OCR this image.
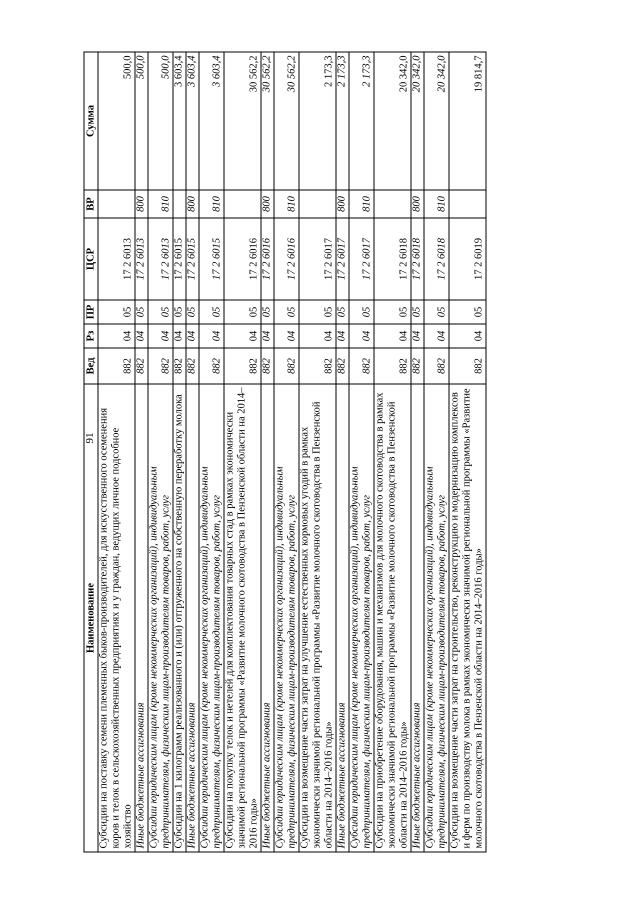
91
Наименование	Вед	Рз	ПР	ЦСР	ВР	Сумма
Субсидии на поставку семени племенных быков-производителей, для искусственного осеменения коров и телок в сельскохозяйственных предприятиях и у граждан, ведущих личное подсобное хозяйство	882	04	05	17 2 6013		500,0
Иные бюджетные ассигнования	882	04	05	17 2 6013	800	500,0
Субсидии юридическим лицам (кроме некоммерческих организаций), индивидуальным предпринимателям, физическим лицам-производителям товаров, работ, услуг	882	04	05	17 2 6013	810	500,0
Субсидии на 1 килограмм реализованного и (или) отгруженного на собственную переработку молока	882	04	05	17 2 6015		3 603,4
Иные бюджетные ассигнования	882	04	05	17 2 6015	800	3 603,4
Субсидии юридическим лицам (кроме некоммерческих организаций), индивидуальным предпринимателям, физическим лицам-производителям товаров, работ, услуг	882	04	05	17 2 6015	810	3 603,4
Субсидии на покупку телок и нетелей для комплектования товарных стад в рамках экономически значимой региональной программы «Развитие молочного скотоводства в Пензенской области на 2014–2016 годы»	882	04	05	17 2 6016		30 562,2
Иные бюджетные ассигнования	882	04	05	17 2 6016	800	30 562,2
Субсидии юридическим лицам (кроме некоммерческих организаций), индивидуальным предпринимателям, физическим лицам-производителям товаров, работ, услуг	882	04	05	17 2 6016	810	30 562,2
Субсидии на возмещение части затрат на улучшение естественных кормовых угодий в рамках экономически значимой региональной программы «Развитие молочного скотоводства в Пензенской области на 2014–2016 годы»	882	04	05	17 2 6017		2 173,3
Иные бюджетные ассигнования	882	04	05	17 2 6017	800	2 173,3
Субсидии юридическим лицам (кроме некоммерческих организаций), индивидуальным предпринимателям, физическим лицам-производителям товаров, работ, услуг	882	04	05	17 2 6017	810	2 173,3
Субсидии на приобретение оборудования, машин и механизмов для молочного скотоводства в рамках экономически значимой региональной программы «Развитие молочного скотоводства в Пензенской области на 2014–2016 годы»	882	04	05	17 2 6018		20 342,0
Иные бюджетные ассигнования	882	04	05	17 2 6018	800	20 342,0
Субсидии юридическим лицам (кроме некоммерческих организаций), индивидуальным предпринимателям, физическим лицам-производителям товаров, работ, услуг	882	04	05	17 2 6018	810	20 342,0
Субсидии на возмещение части затрат на строительство, реконструкцию и модернизацию комплексов и ферм по производству молока в рамках экономически значимой региональной программы «Развитие молочного скотоводства в Пензенской области на 2014–2016 годы»	882	04	05	17 2 6019		19 814,7
